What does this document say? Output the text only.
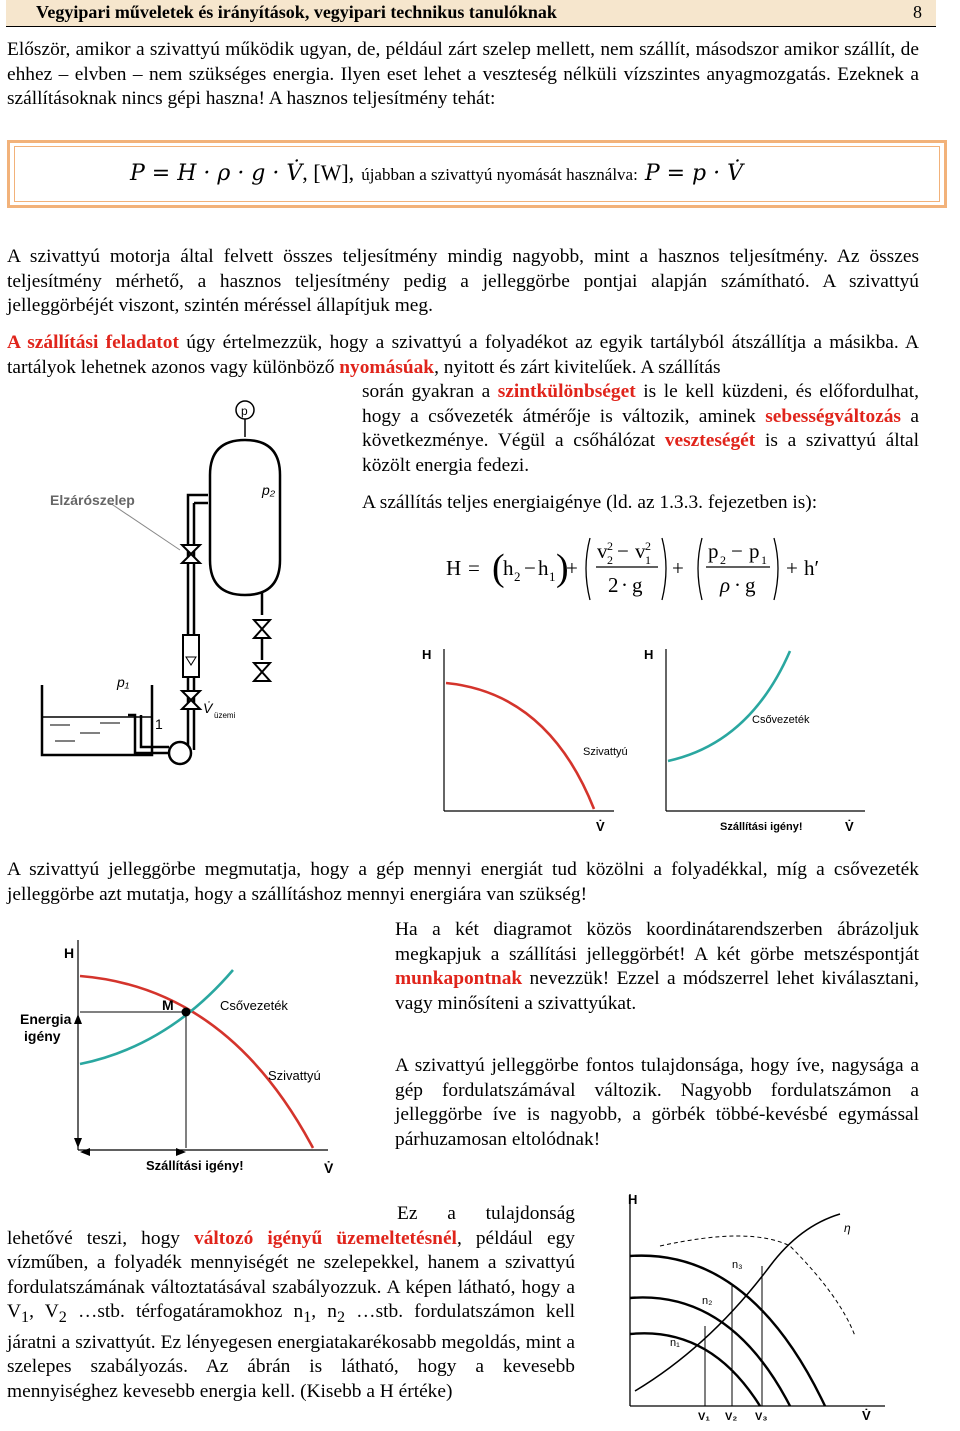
Vegyipari műveletek és irányítások, vegyipari technikus tanulóknak	8
Először, amikor a szivattyú működik ugyan, de, például zárt szelep mellett, nem szállít, másodszor amikor szállít, de ehhez – elvben – nem szükséges energia. Ilyen eset lehet a veszteség nélküli vízszintes anyagmozgatás. Ezeknek a szállításoknak nincs gépi haszna! A hasznos teljesítmény tehát:
P = H · ρ · g · V̇, [W], újabban a szivattyú nyomását használva: P = p · V̇
A szivattyú motorja által felvett összes teljesítmény mindig nagyobb, mint a hasznos teljesítmény. Az összes teljesítmény mérhető, a hasznos teljesítmény pedig a jelleggörbe pontjai alapján számítható. A szivattyú jelleggörbéjét viszont, szintén méréssel állapítjuk meg.
A szállítási feladatot úgy értelmezzük, hogy a szivattyú a folyadékot az egyik tartályból átszállítja a másikba. A tartályok lehetnek azonos vagy különböző nyomásúak, nyitott és zárt kivitelűek. A szállítás
során gyakran a szintkülönbséget is le kell küzdeni, és előfordulhat, hogy a csővezeték átmérője is változik, aminek sebességváltozás a következménye. Végül a csőhálózat veszteségét is a szivattyú által közölt energia fedezi.
A szállítás teljes energiaigénye (ld. az 1.3.3. fejezetben is):
H = (
h 2 − h 1 )
+
v 2
2 − v 2
1
2 · g
+
p 2 − p 1
ρ · g
+ h′
p
p₂
Elzárószelep
V̇ üzemi
p₁
1
H
V̇
Szivattyú
H
V̇
Csővezeték
Szállítási igény!
A szivattyú jelleggörbe megmutatja, hogy a gép mennyi energiát tud közölni a folyadékkal, míg a csővezeték jelleggörbe azt mutatja, hogy a szállításhoz mennyi energiára van szükség!
Ha a két diagramot közös koordinátarendszerben ábrázoljuk megkapjuk a szállítási jelleggörbét! A két görbe metszéspontját munkapontnak nevezzük! Ezzel a módszerrel lehet kiválasztani, vagy minősíteni a szivattyúkat.
A szivattyú jelleggörbe fontos tulajdonsága, hogy íve, nagysága a gép fordulatszámával változik. Nagyobb fordulatszámon a jelleggörbe íve is nagyobb, a görbék többé-kevésbé egymással párhuzamosan eltolódnak!
H
V̇
M
Energia
igény
Csővezeték
Szivattyú
Szállítási igény!
Ez a tulajdonság lehetővé teszi, hogy változó igényű üzemeltetésnél, például egy vízműben, a folyadék mennyiségét ne szelepekkel, hanem a szivattyú fordulatszámának változtatásával szabályozzuk. A képen látható, hogy a $V_1$, $V_2$ …stb. térfogatáramokhoz $n_1$, $n_2$ …stb. fordulatszámon kell járatni a szivattyút. Ez lényegesen energiatakarékosabb megoldás, mint a szelepes szabályozás. Az ábrán is látható, hogy a kevesebb mennyiséghez kevesebb energia kell. (Kisebb a H értéke)
H
V̇
η
n₁
n₂
n₃
V₁ V₂ V₃
